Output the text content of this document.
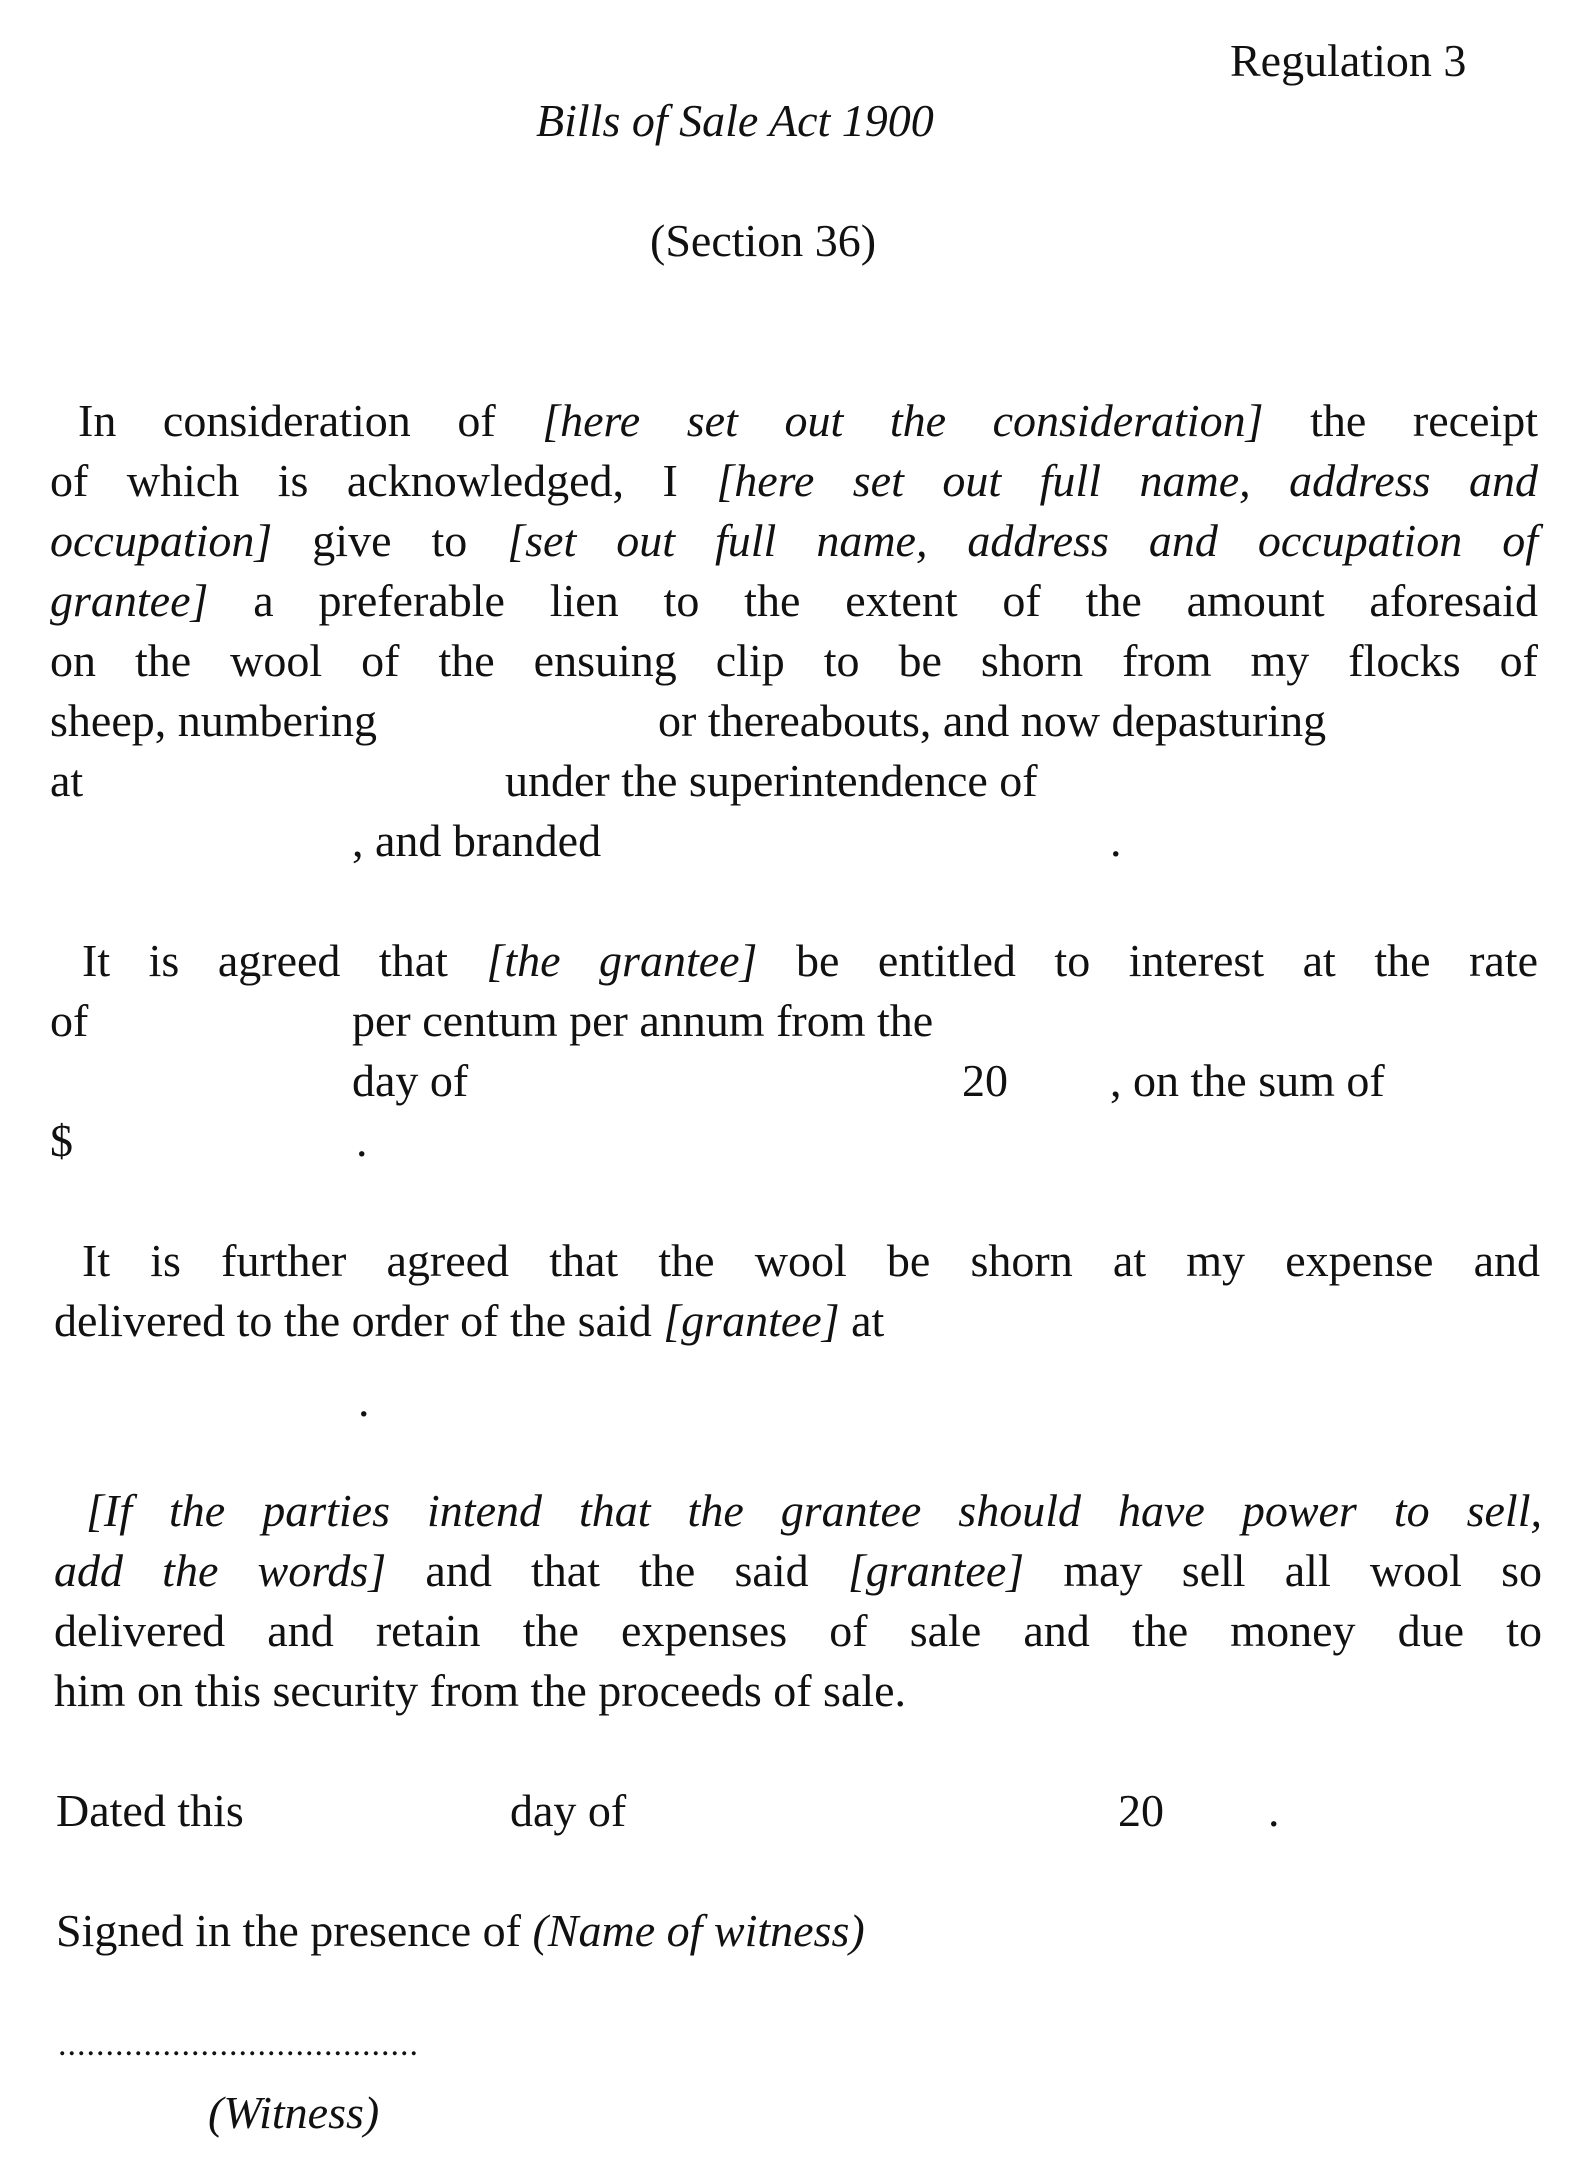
Regulation 3
Bills of Sale Act 1900
(Section 36)
In consideration of [here set out the consideration] the receipt
of which is acknowledged, I [here set out full name, address and
occupation] give to [set out full name, address and occupation of
grantee] a preferable lien to the extent of the amount aforesaid
on the wool of the ensuing clip to be shorn from my flocks of
sheep, numbering	or thereabouts, and now depasturing
at	under the superintendence of
, and branded	.
It is agreed that [the grantee] be entitled to interest at the rate
of	per centum per annum from the
day of	20 , on the sum of
$	.
It is further agreed that the wool be shorn at my expense and
delivered to the order of the said [grantee] at
.
[If the parties intend that the grantee should have power to sell,
add the words] and that the said [grantee] may sell all wool so
delivered and retain the expenses of sale and the money due to
him on this security from the proceeds of sale.
Dated this	day of	20 .
Signed in the presence of (Name of witness)
......................................
(Witness)
